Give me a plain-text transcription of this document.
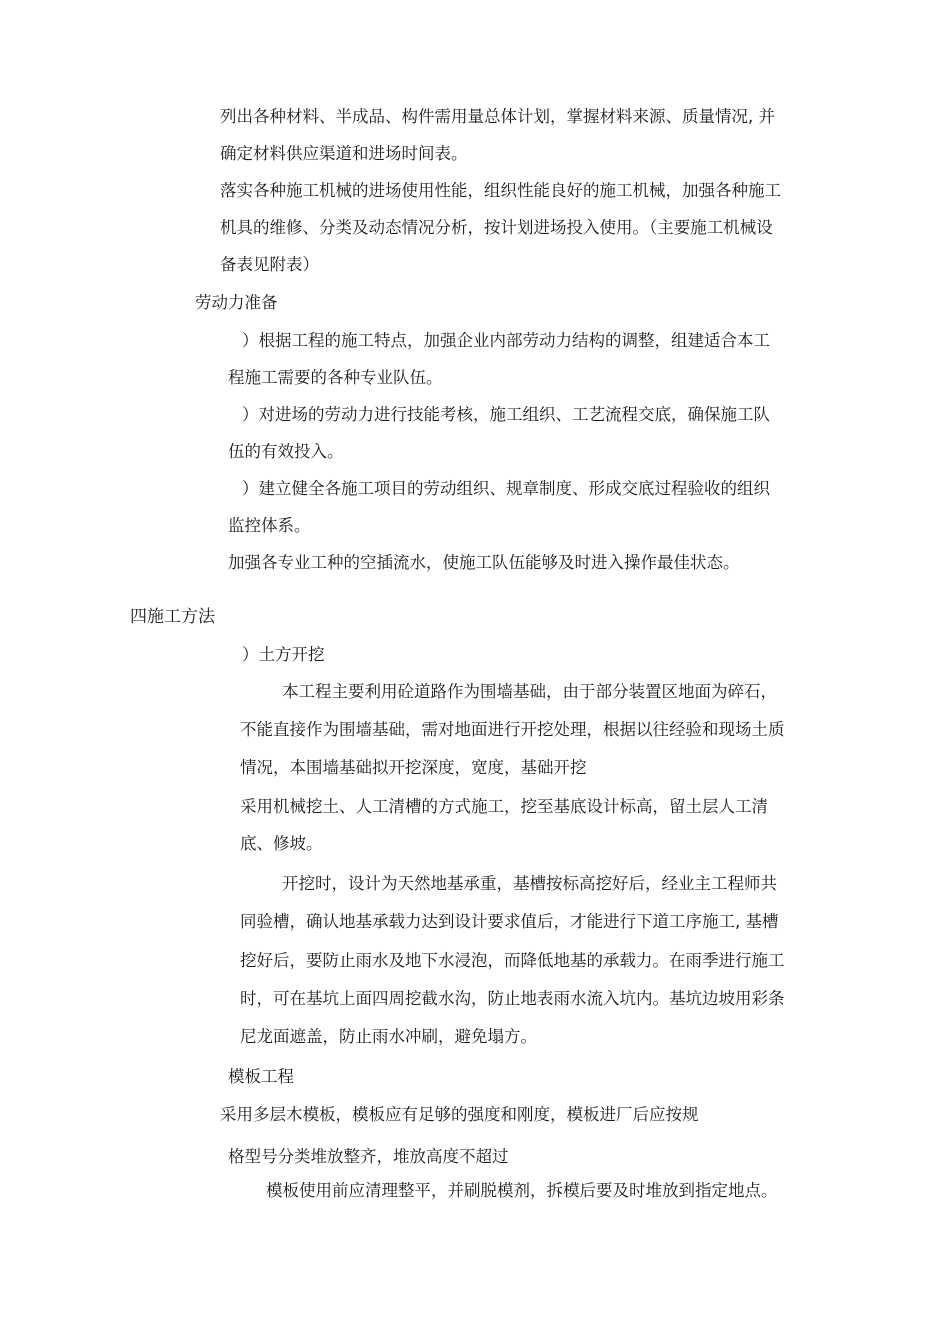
列出各种材料、半成品、构件需用量总体计划，掌握材料来源、质量情况, 并
确定材料供应渠道和进场时间表。
落实各种施工机械的进场使用性能，组织性能良好的施工机械，加强各种施工
机具的维修、分类及动态情况分析，按计划进场投入使用。（主要施工机械设
备表见附表）
劳动力准备
）根据工程的施工特点，加强企业内部劳动力结构的调整，组建适合本工
程施工需要的各种专业队伍。
）对进场的劳动力进行技能考核，施工组织、工艺流程交底，确保施工队
伍的有效投入。
）建立健全各施工项目的劳动组织、规章制度、形成交底过程验收的组织
监控体系。
加强各专业工种的空插流水，使施工队伍能够及时进入操作最佳状态。
四施工方法
）土方开挖
本工程主要利用砼道路作为围墙基础，由于部分装置区地面为碎石，
不能直接作为围墙基础，需对地面进行开挖处理，根据以往经验和现场土质
情况，本围墙基础拟开挖深度，宽度，基础开挖
采用机械挖土、人工清槽的方式施工，挖至基底设计标高，留土层人工清
底、修坡。
开挖时，设计为天然地基承重，基槽按标高挖好后，经业主工程师共
同验槽，确认地基承载力达到设计要求值后，才能进行下道工序施工, 基槽
挖好后，要防止雨水及地下水浸泡，而降低地基的承载力。在雨季进行施工
时，可在基坑上面四周挖截水沟，防止地表雨水流入坑内。基坑边坡用彩条
尼龙面遮盖，防止雨水冲刷，避免塌方。
模板工程
采用多层木模板，模板应有足够的强度和刚度，模板进厂后应按规
格型号分类堆放整齐，堆放高度不超过
模板使用前应清理整平，并刷脱模剂，拆模后要及时堆放到指定地点。
